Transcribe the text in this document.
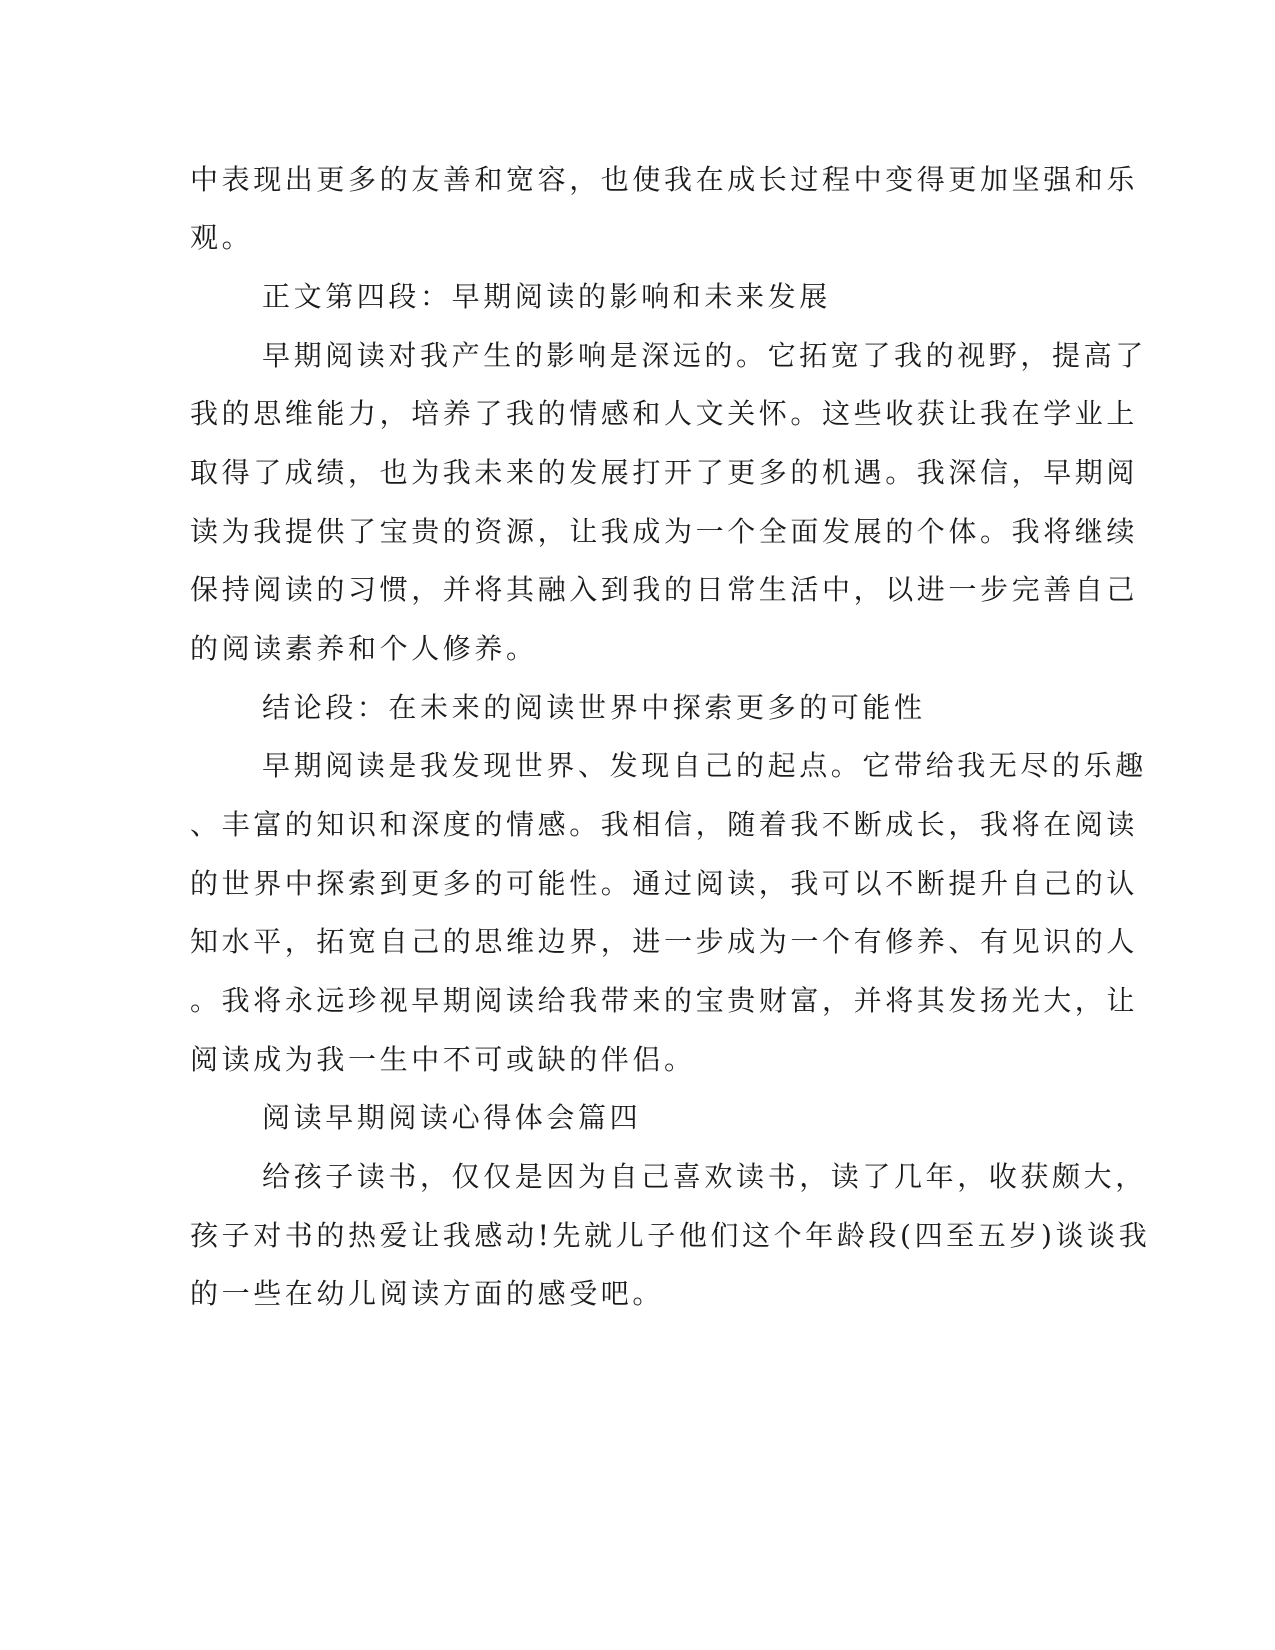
中表现出更多的友善和宽容，也使我在成长过程中变得更加坚强和乐
观。
正文第四段：早期阅读的影响和未来发展
早期阅读对我产生的影响是深远的。它拓宽了我的视野，提高了
我的思维能力，培养了我的情感和人文关怀。这些收获让我在学业上
取得了成绩，也为我未来的发展打开了更多的机遇。我深信，早期阅
读为我提供了宝贵的资源，让我成为一个全面发展的个体。我将继续
保持阅读的习惯，并将其融入到我的日常生活中，以进一步完善自己
的阅读素养和个人修养。
结论段：在未来的阅读世界中探索更多的可能性
早期阅读是我发现世界、发现自己的起点。它带给我无尽的乐趣
、丰富的知识和深度的情感。我相信，随着我不断成长，我将在阅读
的世界中探索到更多的可能性。通过阅读，我可以不断提升自己的认
知水平，拓宽自己的思维边界，进一步成为一个有修养、有见识的人
。我将永远珍视早期阅读给我带来的宝贵财富，并将其发扬光大，让
阅读成为我一生中不可或缺的伴侣。
阅读早期阅读心得体会篇四
给孩子读书，仅仅是因为自己喜欢读书，读了几年，收获颇大，
孩子对书的热爱让我感动!先就儿子他们这个年龄段(四至五岁)谈谈我
的一些在幼儿阅读方面的感受吧。
